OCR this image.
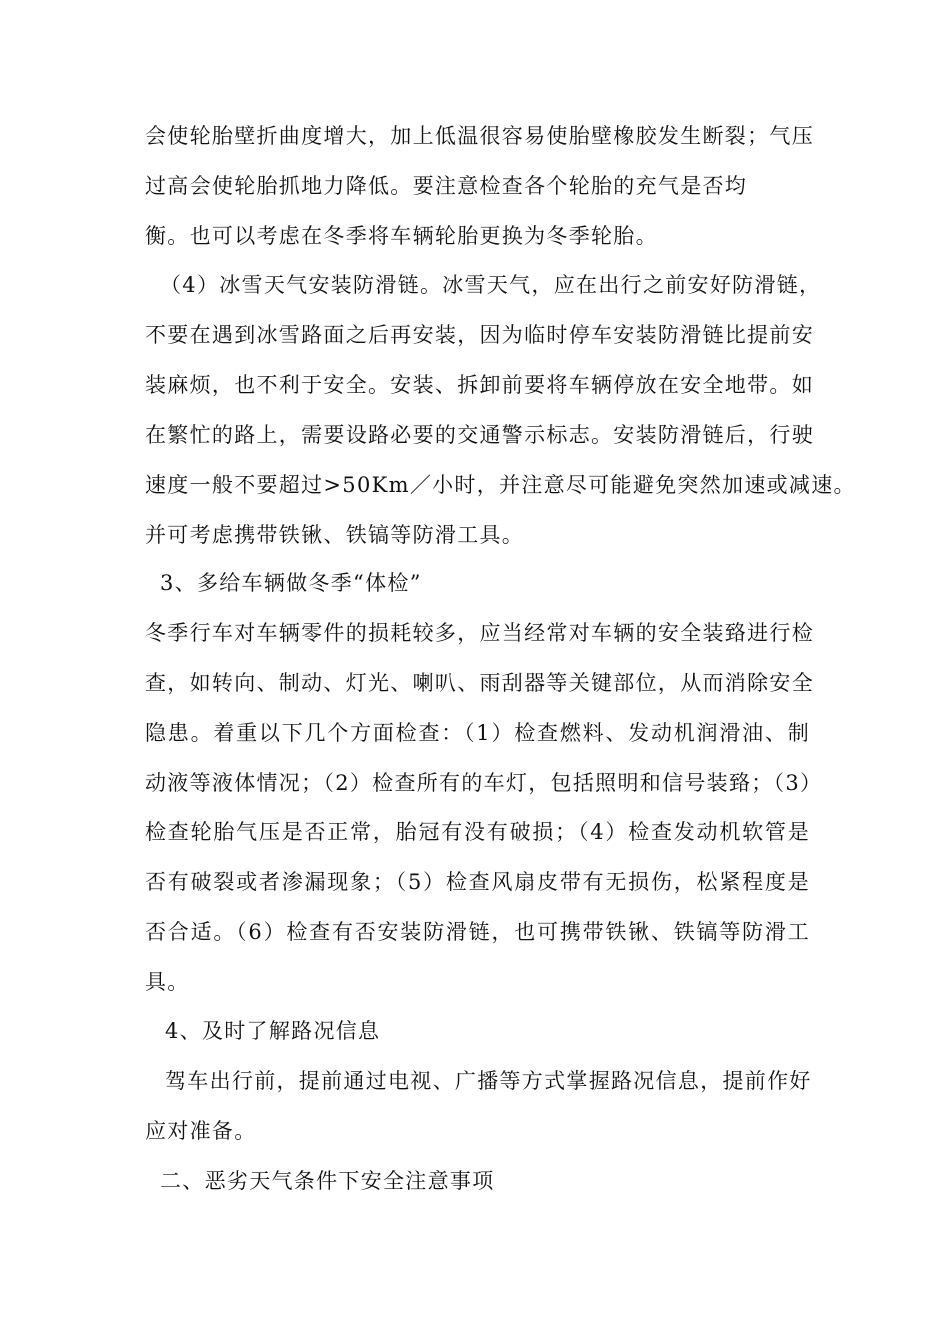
会使轮胎壁折曲度增大，加上低温很容易使胎壁橡胶发生断裂；气压
过高会使轮胎抓地力降低。要注意检查各个轮胎的充气是否均
衡。也可以考虑在冬季将车辆轮胎更换为冬季轮胎。
（4）冰雪天气安装防滑链。冰雪天气，应在出行之前安好防滑链，
不要在遇到冰雪路面之后再安装，因为临时停车安装防滑链比提前安
装麻烦，也不利于安全。安装、拆卸前要将车辆停放在安全地带。如
在繁忙的路上，需要设路必要的交通警示标志。安装防滑链后，行驶
速度一般不要超过>50Km／小时，并注意尽可能避免突然加速或减速。
并可考虑携带铁锹、铁镐等防滑工具。
3、多给车辆做冬季“体检”
冬季行车对车辆零件的损耗较多，应当经常对车辆的安全装臵进行检
查，如转向、制动、灯光、喇叭、雨刮器等关键部位，从而消除安全
隐患。着重以下几个方面检查：（1）检查燃料、发动机润滑油、制
动液等液体情况；（2）检查所有的车灯，包括照明和信号装臵；（3）
检查轮胎气压是否正常，胎冠有没有破损；（4）检查发动机软管是
否有破裂或者渗漏现象；（5）检查风扇皮带有无损伤，松紧程度是
否合适。（6）检查有否安装防滑链，也可携带铁锹、铁镐等防滑工
具。
4、及时了解路况信息
驾车出行前，提前通过电视、广播等方式掌握路况信息，提前作好
应对准备。
二、恶劣天气条件下安全注意事项
